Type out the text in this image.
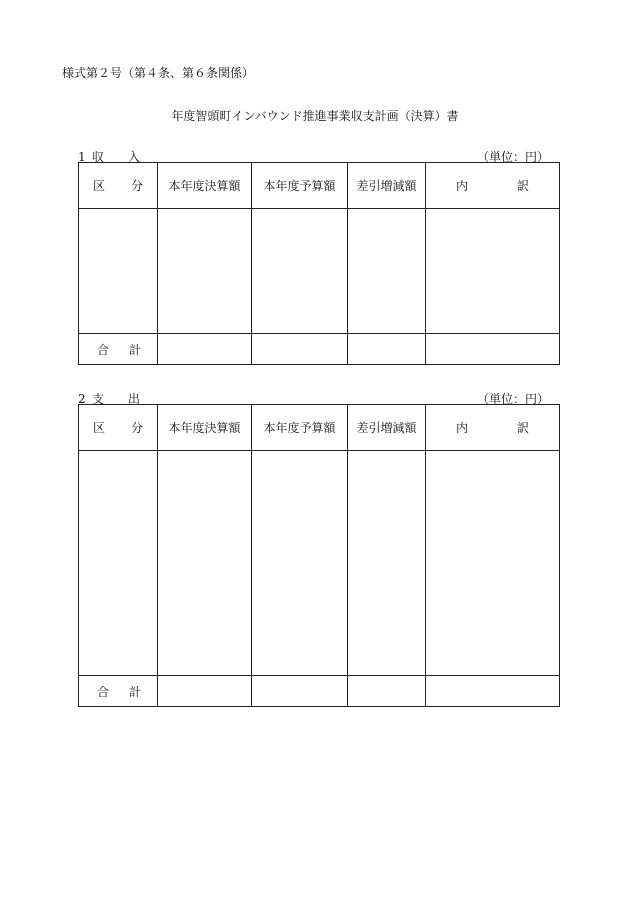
様式第２号（第４条、第６条関係）
年度智頭町インバウンド推進事業収支計画（決算）書
1 収 入	（単位：円）
区 分	本年度決算額	本年度予算額	差引増減額	内 訳

合 計				

2 支 出	（単位：円）
区 分	本年度決算額	本年度予算額	差引増減額	内 訳

合 計				
